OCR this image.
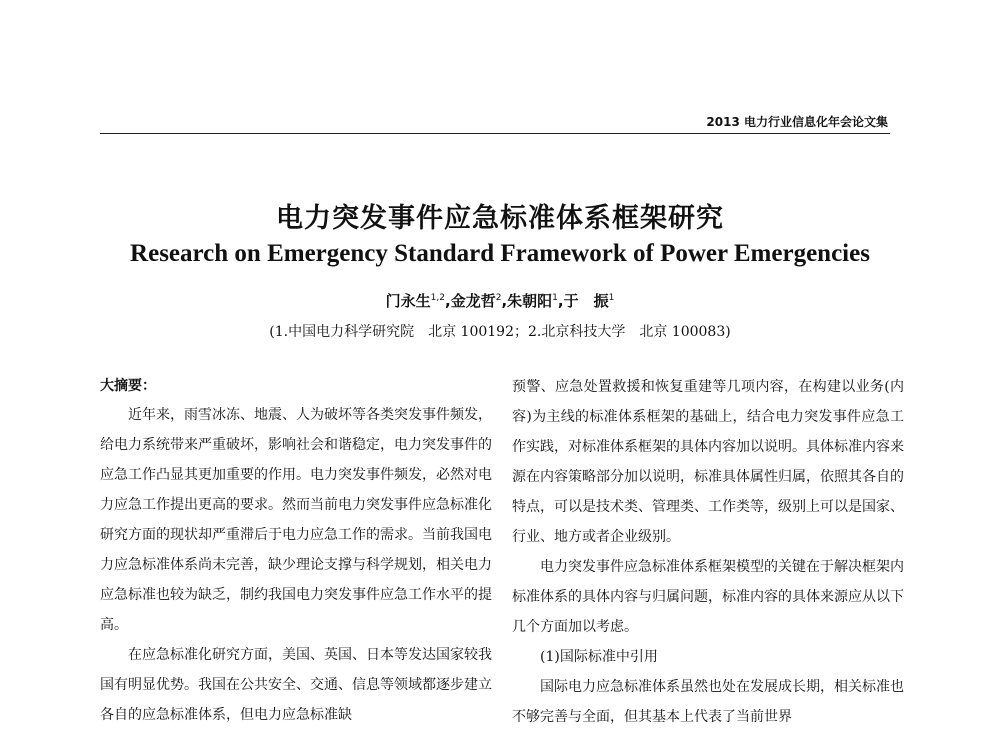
2013 电力行业信息化年会论文集
电力突发事件应急标准体系框架研究
Research on Emergency Standard Framework of Power Emergencies
门永生$^{1,2}$,金龙哲$^2$,朱朝阳$^1$,于　振$^1$
(1.中国电力科学研究院　北京 100192；2.北京科技大学　北京 100083)
大摘要：

近年来，雨雪冰冻、地震、人为破坏等各类突发事件频发，给电力系统带来严重破坏，影响社会和谐稳定，电力突发事件的应急工作凸显其更加重要的作用。电力突发事件频发，必然对电力应急工作提出更高的要求。然而当前电力突发事件应急标准化研究方面的现状却严重滞后于电力应急工作的需求。当前我国电力应急标准体系尚未完善，缺少理论支撑与科学规划，相关电力应急标准也较为缺乏，制约我国电力突发事件应急工作水平的提高。

在应急标准化研究方面，美国、英国、日本等发达国家较我国有明显优势。我国在公共安全、交通、信息等领域都逐步建立各自的应急标准体系，但电力应急标准缺

预警、应急处置救援和恢复重建等几项内容，在构建以业务(内容)为主线的标准体系框架的基础上，结合电力突发事件应急工作实践，对标准体系框架的具体内容加以说明。具体标准内容来源在内容策略部分加以说明，标准具体属性归属，依照其各自的特点，可以是技术类、管理类、工作类等，级别上可以是国家、行业、地方或者企业级别。

电力突发事件应急标准体系框架模型的关键在于解决框架内标准体系的具体内容与归属问题，标准内容的具体来源应从以下几个方面加以考虑。

(1)国际标准中引用

国际电力应急标准体系虽然也处在发展成长期，相关标准也不够完善与全面，但其基本上代表了当前世界
